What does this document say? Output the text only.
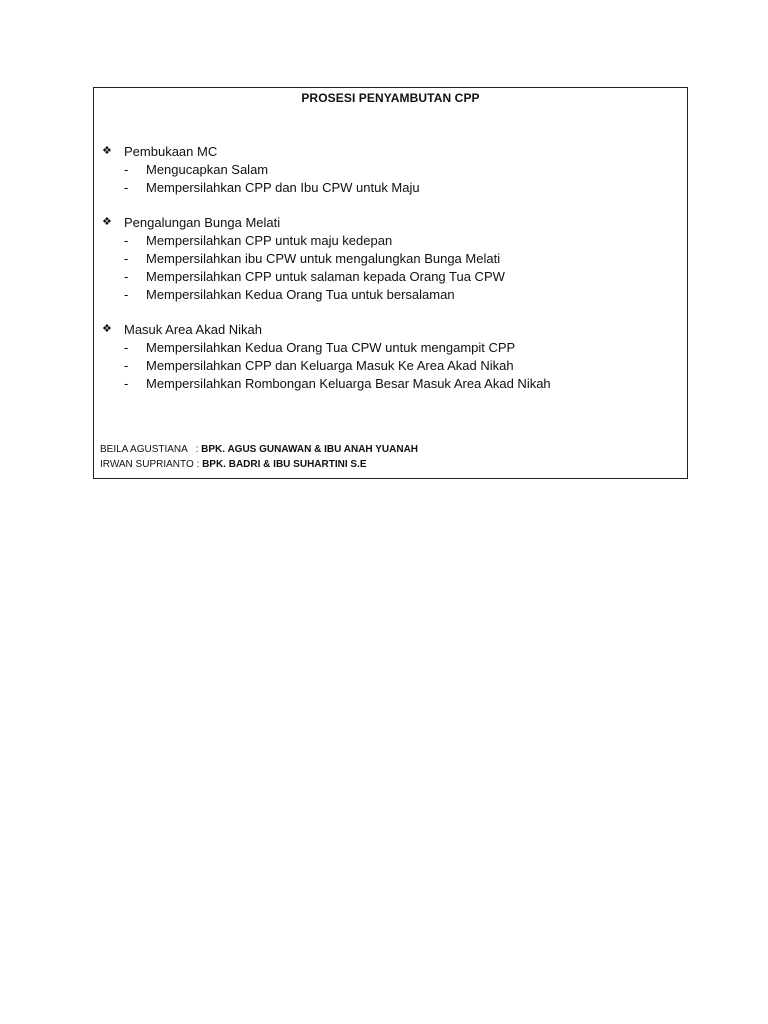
PROSESI PENYAMBUTAN CPP
❖ Pembukaan MC
-	Mengucapkan Salam
-	Mempersilahkan CPP dan Ibu CPW untuk Maju
❖ Pengalungan Bunga Melati
-	Mempersilahkan CPP untuk maju kedepan
-	Mempersilahkan ibu CPW untuk mengalungkan Bunga Melati
-	Mempersilahkan CPP untuk salaman kepada Orang Tua CPW
-	Mempersilahkan Kedua Orang Tua untuk bersalaman
❖ Masuk Area Akad Nikah
-	Mempersilahkan Kedua Orang Tua CPW untuk mengampit CPP
-	Mempersilahkan CPP dan Keluarga Masuk Ke Area Akad Nikah
-	Mempersilahkan Rombongan Keluarga Besar Masuk Area Akad Nikah
BEILA AGUSTIANA   : BPK. AGUS GUNAWAN & IBU ANAH YUANAH
IRWAN SUPRIANTO : BPK. BADRI & IBU SUHARTINI S.E
